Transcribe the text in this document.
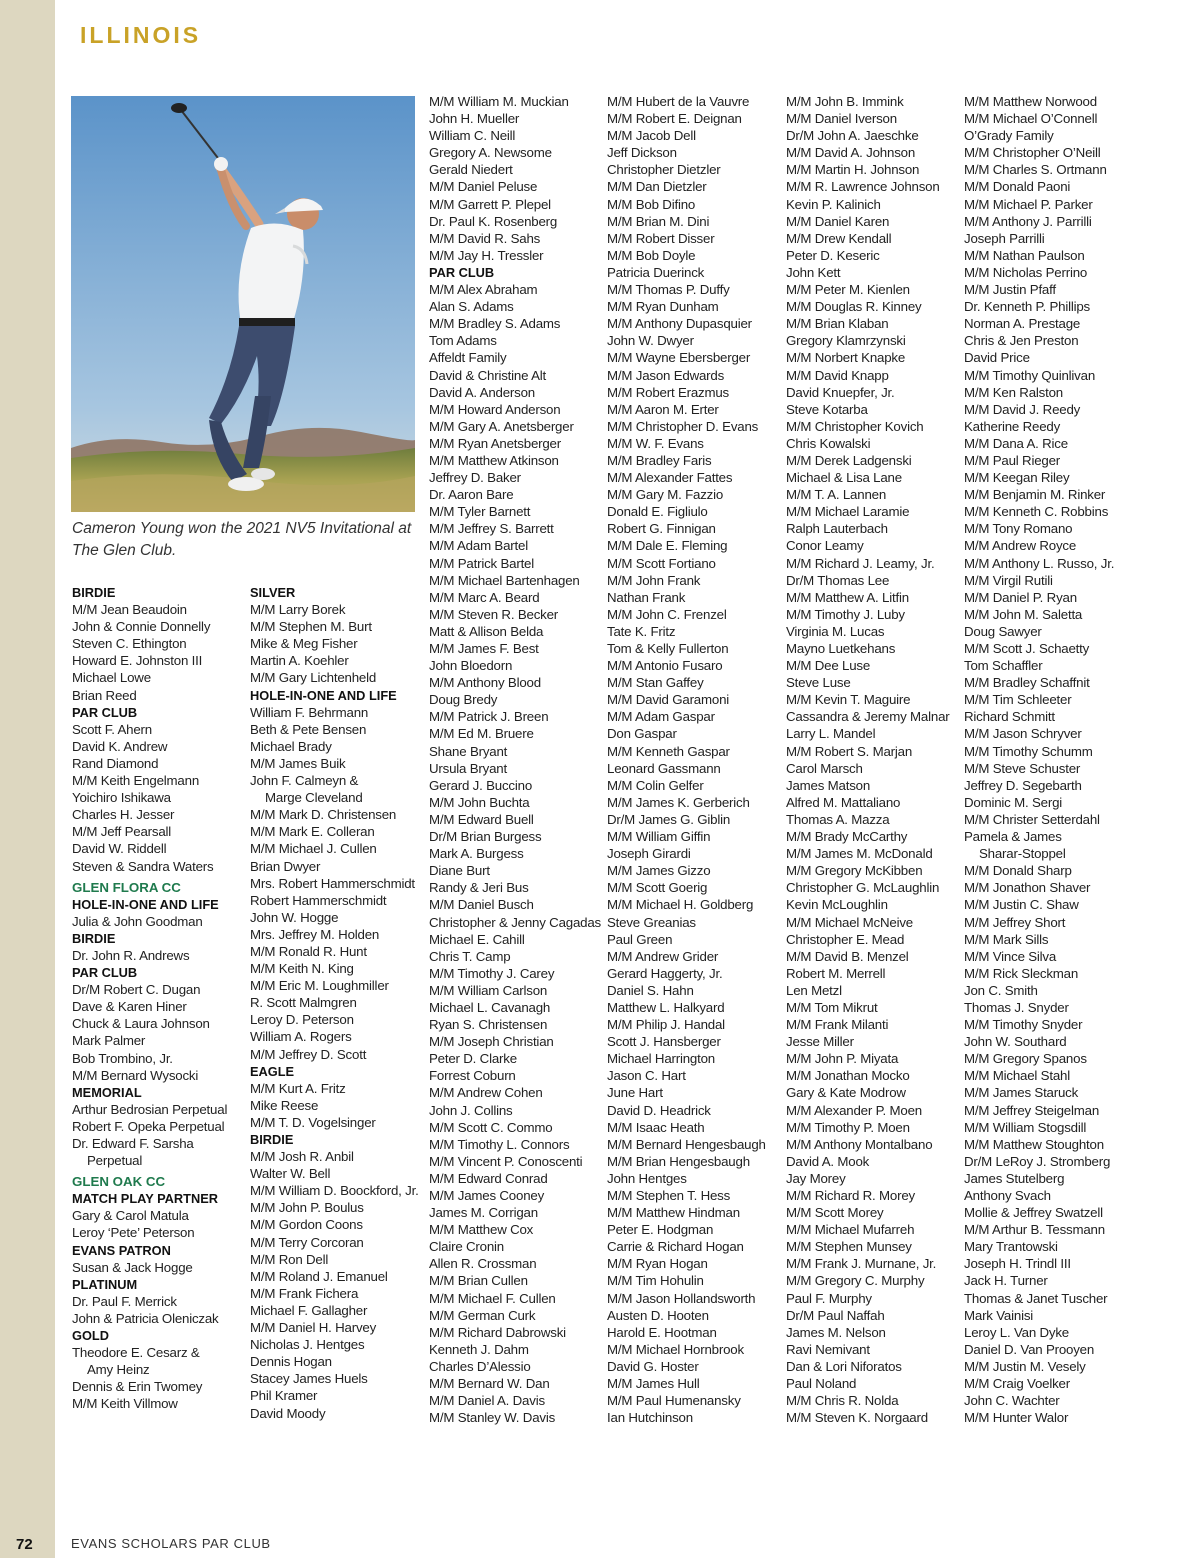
ILLINOIS
Cameron Young won the 2021 NV5 Invitational at The Glen Club.
BIRDIE
M/M Jean Beaudoin
John & Connie Donnelly
Steven C. Ethington
Howard E. Johnston III
Michael Lowe
Brian Reed
PAR CLUB
Scott F. Ahern
David K. Andrew
Rand Diamond
M/M Keith Engelmann
Yoichiro Ishikawa
Charles H. Jesser
M/M Jeff Pearsall
David W. Riddell
Steven & Sandra Waters
GLEN FLORA CC
HOLE-IN-ONE AND LIFE
Julia & John Goodman
BIRDIE
Dr. John R. Andrews
PAR CLUB
Dr/M Robert C. Dugan
Dave & Karen Hiner
Chuck & Laura Johnson
Mark Palmer
Bob Trombino, Jr.
M/M Bernard Wysocki
MEMORIAL
Arthur Bedrosian Perpetual
Robert F. Opeka Perpetual
Dr. Edward F. Sarsha
Perpetual
GLEN OAK CC
MATCH PLAY PARTNER
Gary & Carol Matula
Leroy ‘Pete’ Peterson
EVANS PATRON
Susan & Jack Hogge
PLATINUM
Dr. Paul F. Merrick
John & Patricia Oleniczak
GOLD
Theodore E. Cesarz &
Amy Heinz
Dennis & Erin Twomey
M/M Keith Villmow
SILVER
M/M Larry Borek
M/M Stephen M. Burt
Mike & Meg Fisher
Martin A. Koehler
M/M Gary Lichtenheld
HOLE-IN-ONE AND LIFE
William F. Behrmann
Beth & Pete Bensen
Michael Brady
M/M James Buik
John F. Calmeyn &
Marge Cleveland
M/M Mark D. Christensen
M/M Mark E. Colleran
M/M Michael J. Cullen
Brian Dwyer
Mrs. Robert Hammerschmidt
Robert Hammerschmidt
John W. Hogge
Mrs. Jeffrey M. Holden
M/M Ronald R. Hunt
M/M Keith N. King
M/M Eric M. Loughmiller
R. Scott Malmgren
Leroy D. Peterson
William A. Rogers
M/M Jeffrey D. Scott
EAGLE
M/M Kurt A. Fritz
Mike Reese
M/M T. D. Vogelsinger
BIRDIE
M/M Josh R. Anbil
Walter W. Bell
M/M William D. Boockford, Jr.
M/M John P. Boulus
M/M Gordon Coons
M/M Terry Corcoran
M/M Ron Dell
M/M Roland J. Emanuel
M/M Frank Fichera
Michael F. Gallagher
M/M Daniel H. Harvey
Nicholas J. Hentges
Dennis Hogan
Stacey James Huels
Phil Kramer
David Moody
M/M William M. Muckian
John H. Mueller
William C. Neill
Gregory A. Newsome
Gerald Niedert
M/M Daniel Peluse
M/M Garrett P. Plepel
Dr. Paul K. Rosenberg
M/M David R. Sahs
M/M Jay H. Tressler
PAR CLUB
M/M Alex Abraham
Alan S. Adams
M/M Bradley S. Adams
Tom Adams
Affeldt Family
David & Christine Alt
David A. Anderson
M/M Howard Anderson
M/M Gary A. Anetsberger
M/M Ryan Anetsberger
M/M Matthew Atkinson
Jeffrey D. Baker
Dr. Aaron Bare
M/M Tyler Barnett
M/M Jeffrey S. Barrett
M/M Adam Bartel
M/M Patrick Bartel
M/M Michael Bartenhagen
M/M Marc A. Beard
M/M Steven R. Becker
Matt & Allison Belda
M/M James F. Best
John Bloedorn
M/M Anthony Blood
Doug Bredy
M/M Patrick J. Breen
M/M Ed M. Bruere
Shane Bryant
Ursula Bryant
Gerard J. Buccino
M/M John Buchta
M/M Edward Buell
Dr/M Brian Burgess
Mark A. Burgess
Diane Burt
Randy & Jeri Bus
M/M Daniel Busch
Christopher & Jenny Cagadas
Michael E. Cahill
Chris T. Camp
M/M Timothy J. Carey
M/M William Carlson
Michael L. Cavanagh
Ryan S. Christensen
M/M Joseph Christian
Peter D. Clarke
Forrest Coburn
M/M Andrew Cohen
John J. Collins
M/M Scott C. Commo
M/M Timothy L. Connors
M/M Vincent P. Conoscenti
M/M Edward Conrad
M/M James Cooney
James M. Corrigan
M/M Matthew Cox
Claire Cronin
Allen R. Crossman
M/M Brian Cullen
M/M Michael F. Cullen
M/M German Curk
M/M Richard Dabrowski
Kenneth J. Dahm
Charles D’Alessio
M/M Bernard W. Dan
M/M Daniel A. Davis
M/M Stanley W. Davis
M/M Hubert de la Vauvre
M/M Robert E. Deignan
M/M Jacob Dell
Jeff Dickson
Christopher Dietzler
M/M Dan Dietzler
M/M Bob Difino
M/M Brian M. Dini
M/M Robert Disser
M/M Bob Doyle
Patricia Duerinck
M/M Thomas P. Duffy
M/M Ryan Dunham
M/M Anthony Dupasquier
John W. Dwyer
M/M Wayne Ebersberger
M/M Jason Edwards
M/M Robert Erazmus
M/M Aaron M. Erter
M/M Christopher D. Evans
M/M W. F. Evans
M/M Bradley Faris
M/M Alexander Fattes
M/M Gary M. Fazzio
Donald E. Figliulo
Robert G. Finnigan
M/M Dale E. Fleming
M/M Scott Fortiano
M/M John Frank
Nathan Frank
M/M John C. Frenzel
Tate K. Fritz
Tom & Kelly Fullerton
M/M Antonio Fusaro
M/M Stan Gaffey
M/M David Garamoni
M/M Adam Gaspar
Don Gaspar
M/M Kenneth Gaspar
Leonard Gassmann
M/M Colin Gelfer
M/M James K. Gerberich
Dr/M James G. Giblin
M/M William Giffin
Joseph Girardi
M/M James Gizzo
M/M Scott Goerig
M/M Michael H. Goldberg
Steve Greanias
Paul Green
M/M Andrew Grider
Gerard Haggerty, Jr.
Daniel S. Hahn
Matthew L. Halkyard
M/M Philip J. Handal
Scott J. Hansberger
Michael Harrington
Jason C. Hart
June Hart
David D. Headrick
M/M Isaac Heath
M/M Bernard Hengesbaugh
M/M Brian Hengesbaugh
John Hentges
M/M Stephen T. Hess
M/M Matthew Hindman
Peter E. Hodgman
Carrie & Richard Hogan
M/M Ryan Hogan
M/M Tim Hohulin
M/M Jason Hollandsworth
Austen D. Hooten
Harold E. Hootman
M/M Michael Hornbrook
David G. Hoster
M/M James Hull
M/M Paul Humenansky
Ian Hutchinson
M/M John B. Immink
M/M Daniel Iverson
Dr/M John A. Jaeschke
M/M David A. Johnson
M/M Martin H. Johnson
M/M R. Lawrence Johnson
Kevin P. Kalinich
M/M Daniel Karen
M/M Drew Kendall
Peter D. Keseric
John Kett
M/M Peter M. Kienlen
M/M Douglas R. Kinney
M/M Brian Klaban
Gregory Klamrzynski
M/M Norbert Knapke
M/M David Knapp
David Knuepfer, Jr.
Steve Kotarba
M/M Christopher Kovich
Chris Kowalski
M/M Derek Ladgenski
Michael & Lisa Lane
M/M T. A. Lannen
M/M Michael Laramie
Ralph Lauterbach
Conor Leamy
M/M Richard J. Leamy, Jr.
Dr/M Thomas Lee
M/M Matthew A. Litfin
M/M Timothy J. Luby
Virginia M. Lucas
Mayno Luetkehans
M/M Dee Luse
Steve Luse
M/M Kevin T. Maguire
Cassandra & Jeremy Malnar
Larry L. Mandel
M/M Robert S. Marjan
Carol Marsch
James Matson
Alfred M. Mattaliano
Thomas A. Mazza
M/M Brady McCarthy
M/M James M. McDonald
M/M Gregory McKibben
Christopher G. McLaughlin
Kevin McLoughlin
M/M Michael McNeive
Christopher E. Mead
M/M David B. Menzel
Robert M. Merrell
Len Metzl
M/M Tom Mikrut
M/M Frank Milanti
Jesse Miller
M/M John P. Miyata
M/M Jonathan Mocko
Gary & Kate Modrow
M/M Alexander P. Moen
M/M Timothy P. Moen
M/M Anthony Montalbano
David A. Mook
Jay Morey
M/M Richard R. Morey
M/M Scott Morey
M/M Michael Mufarreh
M/M Stephen Munsey
M/M Frank J. Murnane, Jr.
M/M Gregory C. Murphy
Paul F. Murphy
Dr/M Paul Naffah
James M. Nelson
Ravi Nemivant
Dan & Lori Niforatos
Paul Noland
M/M Chris R. Nolda
M/M Steven K. Norgaard
M/M Matthew Norwood
M/M Michael O’Connell
O’Grady Family
M/M Christopher O’Neill
M/M Charles S. Ortmann
M/M Donald Paoni
M/M Michael P. Parker
M/M Anthony J. Parrilli
Joseph Parrilli
M/M Nathan Paulson
M/M Nicholas Perrino
M/M Justin Pfaff
Dr. Kenneth P. Phillips
Norman A. Prestage
Chris & Jen Preston
David Price
M/M Timothy Quinlivan
M/M Ken Ralston
M/M David J. Reedy
Katherine Reedy
M/M Dana A. Rice
M/M Paul Rieger
M/M Keegan Riley
M/M Benjamin M. Rinker
M/M Kenneth C. Robbins
M/M Tony Romano
M/M Andrew Royce
M/M Anthony L. Russo, Jr.
M/M Virgil Rutili
M/M Daniel P. Ryan
M/M John M. Saletta
Doug Sawyer
M/M Scott J. Schaetty
Tom Schaffler
M/M Bradley Schaffnit
M/M Tim Schleeter
Richard Schmitt
M/M Jason Schryver
M/M Timothy Schumm
M/M Steve Schuster
Jeffrey D. Segebarth
Dominic M. Sergi
M/M Christer Setterdahl
Pamela & James
Sharar-Stoppel
M/M Donald Sharp
M/M Jonathon Shaver
M/M Justin C. Shaw
M/M Jeffrey Short
M/M Mark Sills
M/M Vince Silva
M/M Rick Sleckman
Jon C. Smith
Thomas J. Snyder
M/M Timothy Snyder
John W. Southard
M/M Gregory Spanos
M/M Michael Stahl
M/M James Staruck
M/M Jeffrey Steigelman
M/M William Stogsdill
M/M Matthew Stoughton
Dr/M LeRoy J. Stromberg
James Stutelberg
Anthony Svach
Mollie & Jeffrey Swatzell
M/M Arthur B. Tessmann
Mary Trantowski
Joseph H. Trindl III
Jack H. Turner
Thomas & Janet Tuscher
Mark Vainisi
Leroy L. Van Dyke
Daniel D. Van Prooyen
M/M Justin M. Vesely
M/M Craig Voelker
John C. Wachter
M/M Hunter Walor
72	EVANS SCHOLARS PAR CLUB
